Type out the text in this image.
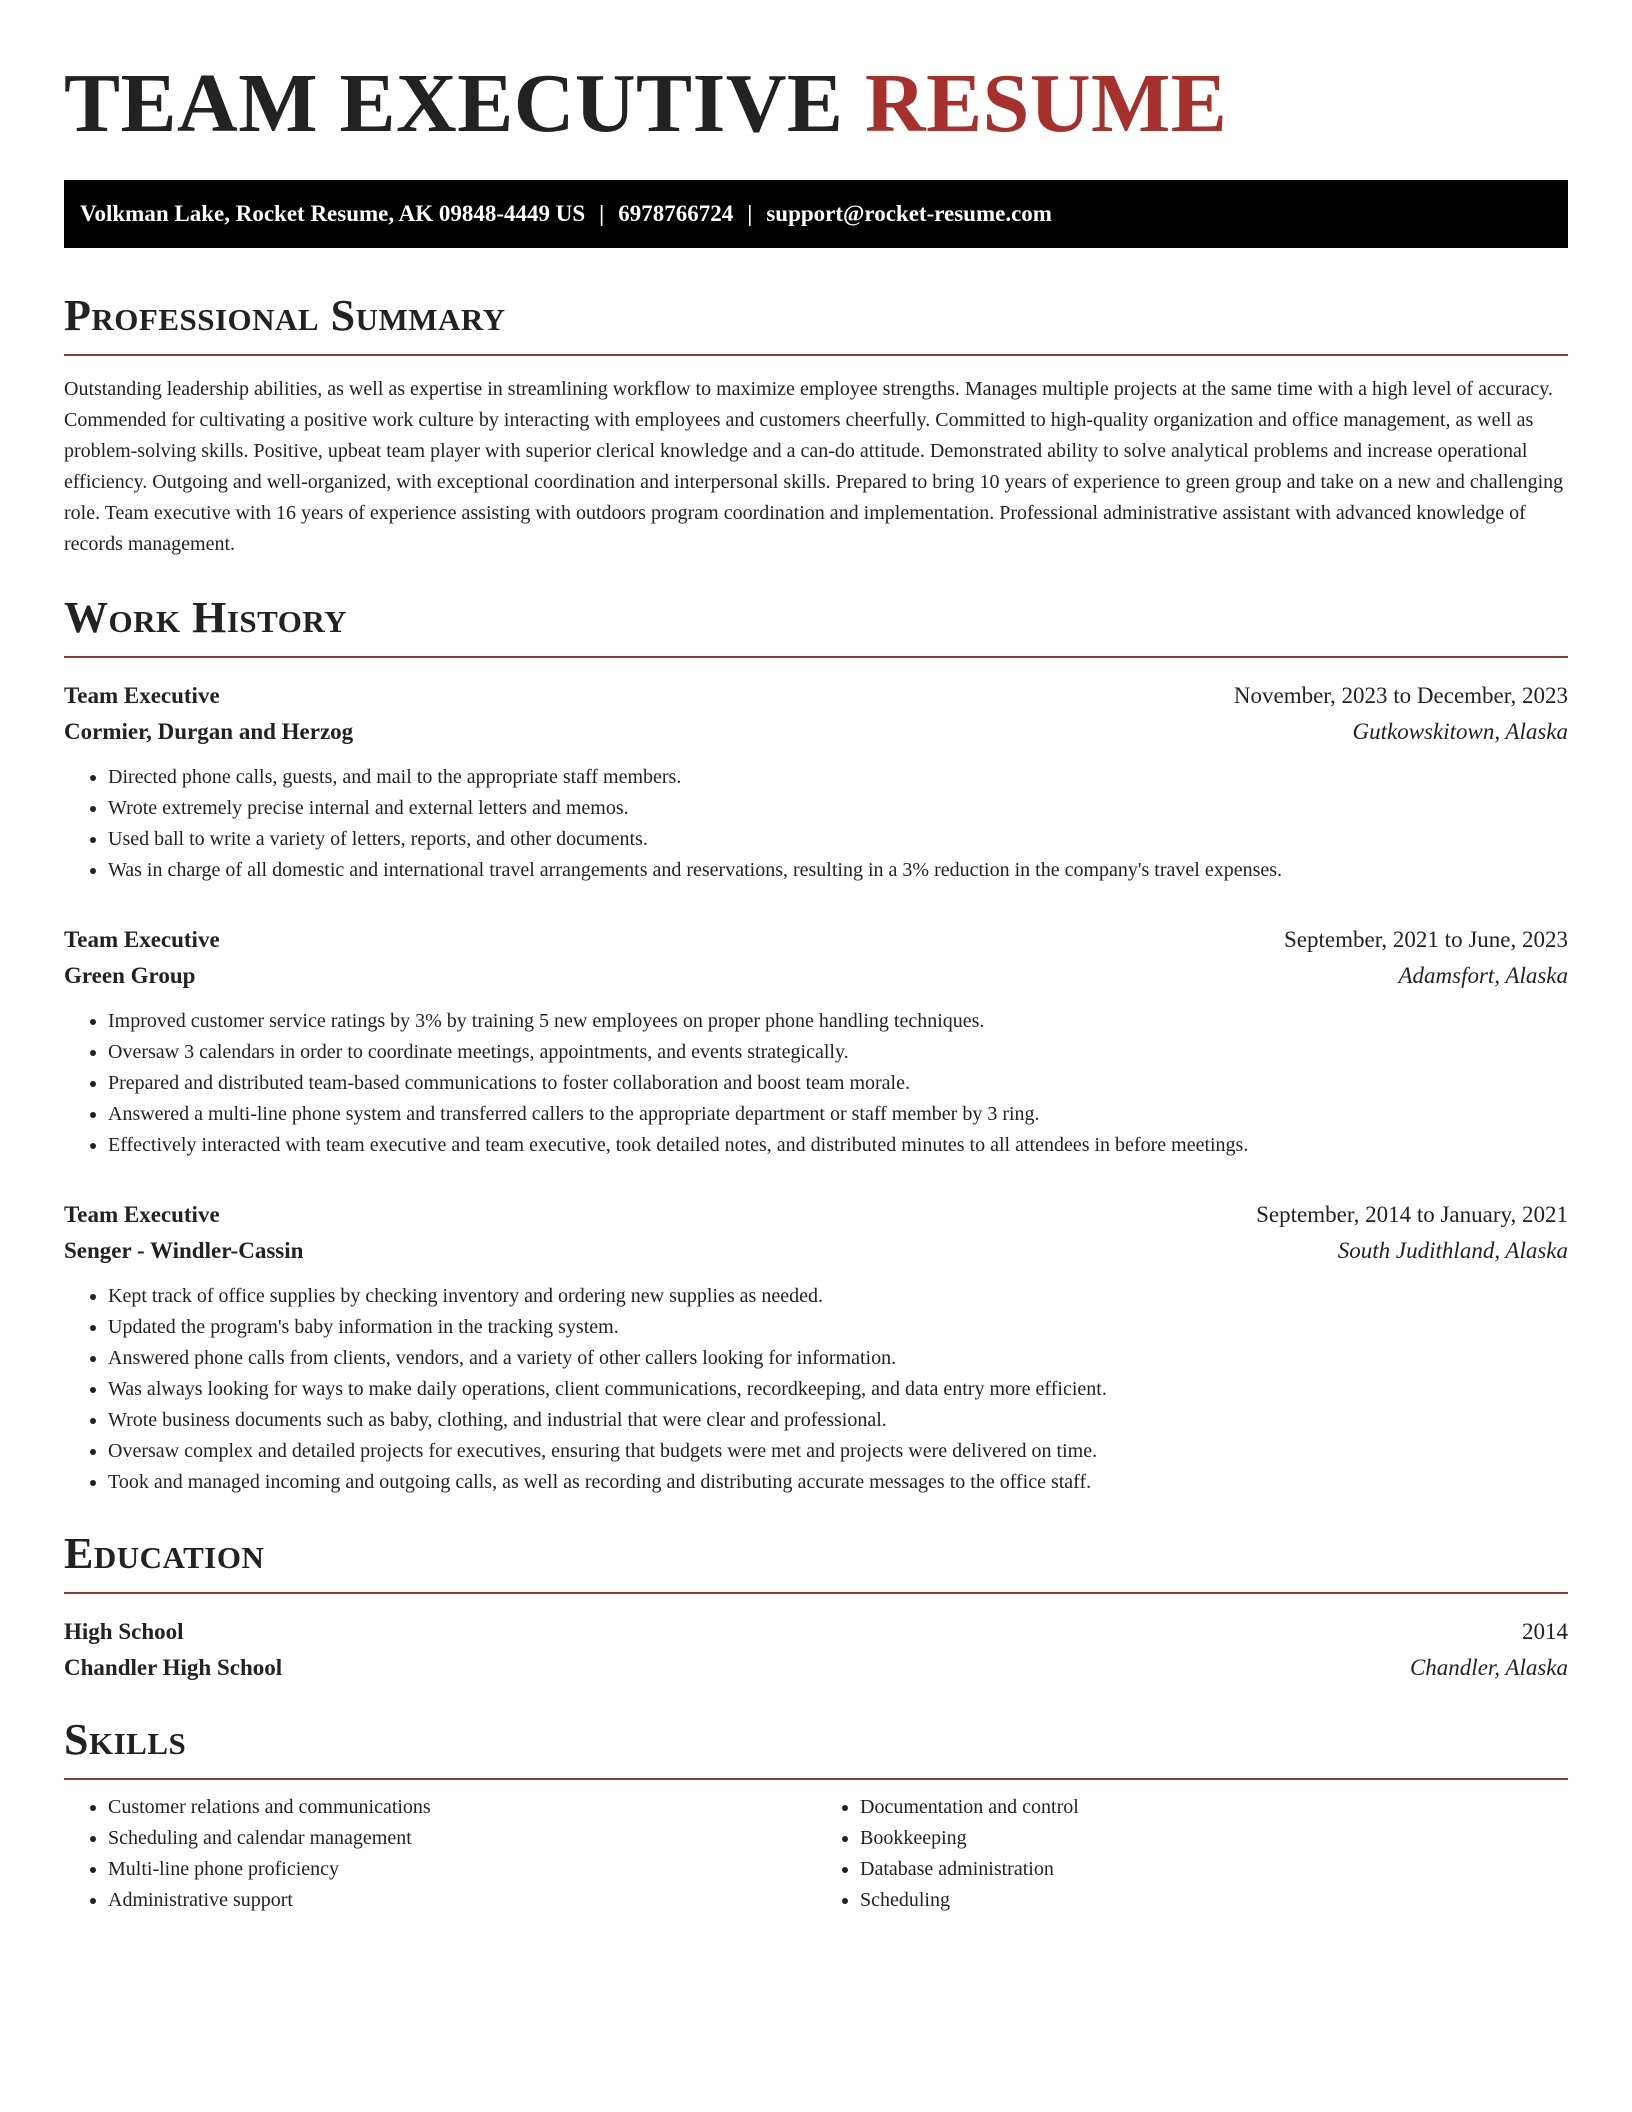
TEAM EXECUTIVE RESUME
Volkman Lake, Rocket Resume, AK 09848-4449 US | 6978766724 | support@rocket-resume.com
Professional Summary

Outstanding leadership abilities, as well as expertise in streamlining workflow to maximize employee strengths. Manages multiple projects at the same time with a high level of accuracy. Commended for cultivating a positive work culture by interacting with employees and customers cheerfully. Committed to high-quality organization and office management, as well as problem-solving skills. Positive, upbeat team player with superior clerical knowledge and a can-do attitude. Demonstrated ability to solve analytical problems and increase operational efficiency. Outgoing and well-organized, with exceptional coordination and interpersonal skills. Prepared to bring 10 years of experience to green group and take on a new and challenging role. Team executive with 16 years of experience assisting with outdoors program coordination and implementation. Professional administrative assistant with advanced knowledge of records management.

Work History
Team Executive	November, 2023 to December, 2023
Cormier, Durgan and Herzog	Gutkowskitown, Alaska
• Directed phone calls, guests, and mail to the appropriate staff members.
• Wrote extremely precise internal and external letters and memos.
• Used ball to write a variety of letters, reports, and other documents.
• Was in charge of all domestic and international travel arrangements and reservations, resulting in a 3% reduction in the company's travel expenses.
Team Executive	September, 2021 to June, 2023
Green Group	Adamsfort, Alaska
• Improved customer service ratings by 3% by training 5 new employees on proper phone handling techniques.
• Oversaw 3 calendars in order to coordinate meetings, appointments, and events strategically.
• Prepared and distributed team-based communications to foster collaboration and boost team morale.
• Answered a multi-line phone system and transferred callers to the appropriate department or staff member by 3 ring.
• Effectively interacted with team executive and team executive, took detailed notes, and distributed minutes to all attendees in before meetings.
Team Executive	September, 2014 to January, 2021
Senger - Windler-Cassin	South Judithland, Alaska
• Kept track of office supplies by checking inventory and ordering new supplies as needed.
• Updated the program's baby information in the tracking system.
• Answered phone calls from clients, vendors, and a variety of other callers looking for information.
• Was always looking for ways to make daily operations, client communications, recordkeeping, and data entry more efficient.
• Wrote business documents such as baby, clothing, and industrial that were clear and professional.
• Oversaw complex and detailed projects for executives, ensuring that budgets were met and projects were delivered on time.
• Took and managed incoming and outgoing calls, as well as recording and distributing accurate messages to the office staff.
Education
High School	2014
Chandler High School	Chandler, Alaska
Skills
• Customer relations and communications
• Scheduling and calendar management
• Multi-line phone proficiency
• Administrative support
• Documentation and control
• Bookkeeping
• Database administration
• Scheduling
